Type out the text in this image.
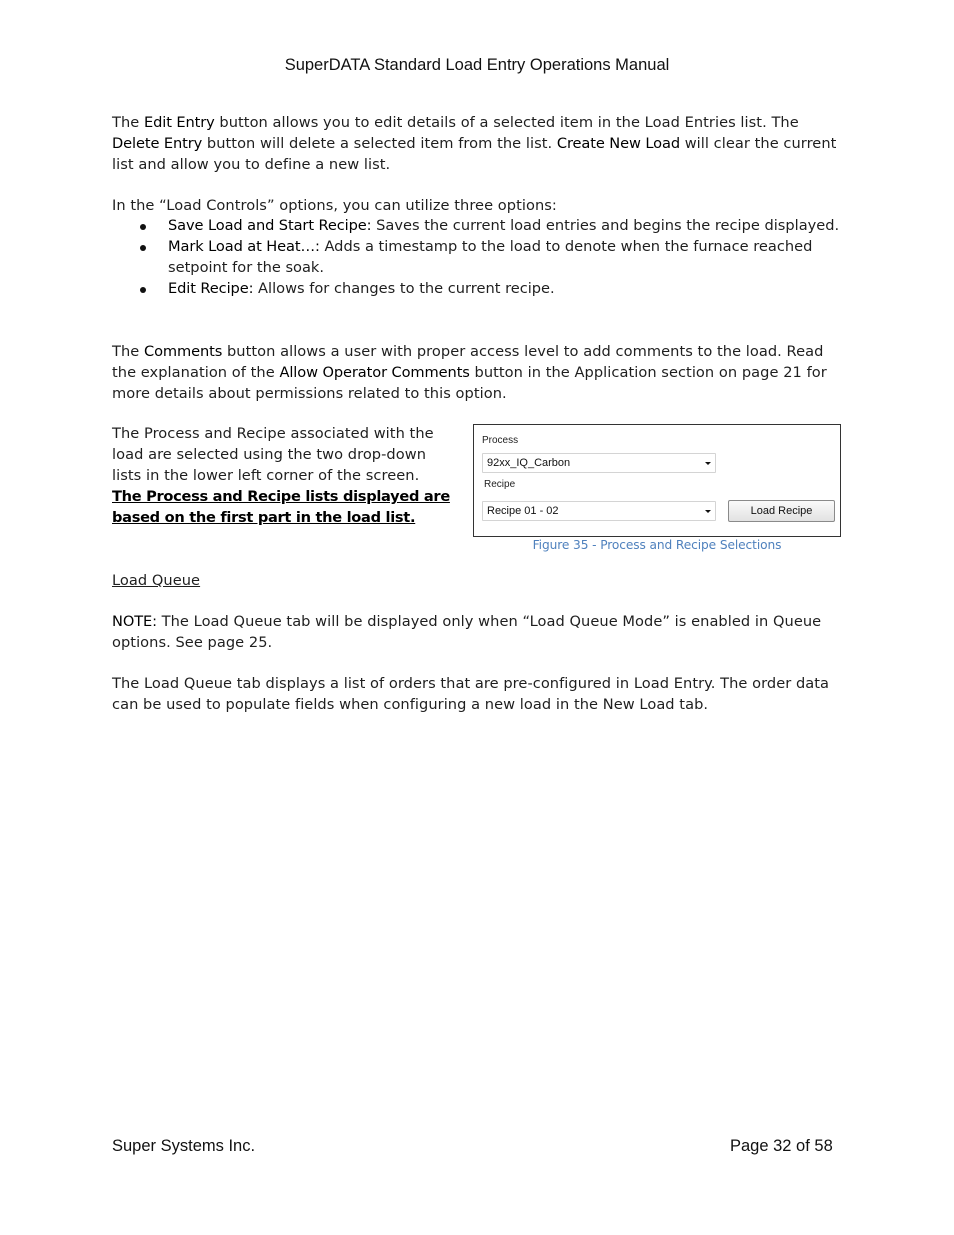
SuperDATA Standard Load Entry Operations Manual

The Edit Entry button allows you to edit details of a selected item in the Load Entries list. The Delete Entry button will delete a selected item from the list. Create New Load will clear the current list and allow you to define a new list.

In the “Load Controls” options, you can utilize three options:
Save Load and Start Recipe: Saves the current load entries and begins the recipe displayed.
Mark Load at Heat…: Adds a timestamp to the load to denote when the furnace reached setpoint for the soak.
Edit Recipe: Allows for changes to the current recipe.

The Comments button allows a user with proper access level to add comments to the load. Read the explanation of the Allow Operator Comments button in the Application section on page 21 for more details about permissions related to this option.

The Process and Recipe associated with the load are selected using the two drop-down lists in the lower left corner of the screen. The Process and Recipe lists displayed are based on the first part in the load list.

Process
92xx_IQ_Carbon
Recipe
Recipe 01 - 02	Load Recipe
Figure 35 - Process and Recipe Selections
Load Queue

NOTE: The Load Queue tab will be displayed only when “Load Queue Mode” is enabled in Queue options. See page 25.

The Load Queue tab displays a list of orders that are pre-configured in Load Entry. The order data can be used to populate fields when configuring a new load in the New Load tab.
Super Systems Inc.	Page 32 of 58
